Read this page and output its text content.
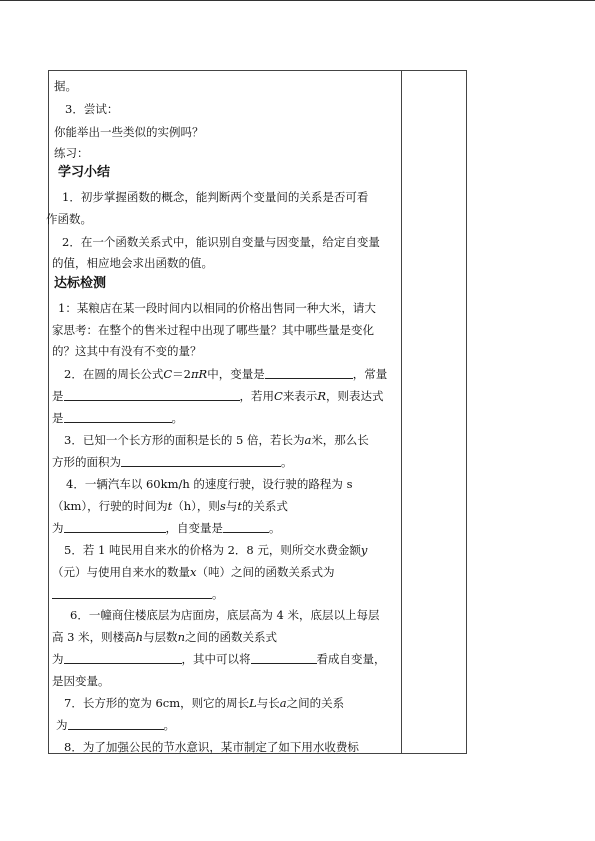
据。
3．尝试：
你能举出一些类似的实例吗？
练习：
学习小结
1．初步掌握函数的概念，能判断两个变量间的关系是否可看
作函数。
2．在一个函数关系式中，能识别自变量与因变量，给定自变量
的值，相应地会求出函数的值。
达标检测
1：某粮店在某一段时间内以相同的价格出售同一种大米，请大
家思考：在整个的售米过程中出现了哪些量？其中哪些量是变化
的？这其中有没有不变的量？
2．在圆的周长公式C＝2πR中，变量是	，常量
是	，若用C来表示R，则表达式
是	。
3．已知一个长方形的面积是长的 5 倍，若长为a米，那么长
方形的面积为	。
4．一辆汽车以 60km/h 的速度行驶，设行驶的路程为 s
（km），行驶的时间为t（h），则s与t的关系式
为	，自变量是	。
5．若 1 吨民用自来水的价格为 2．8 元，则所交水费金额y
（元）与使用自来水的数量x（吨）之间的函数关系式为
。
6．一幢商住楼底层为店面房，底层高为 4 米，底层以上每层
高 3 米，则楼高h与层数n之间的函数关系式
为	，其中可以将	看成自变量，
是因变量。
7．长方形的宽为 6cm，则它的周长L与长a之间的关系
为	。
8．为了加强公民的节水意识，某市制定了如下用水收费标
